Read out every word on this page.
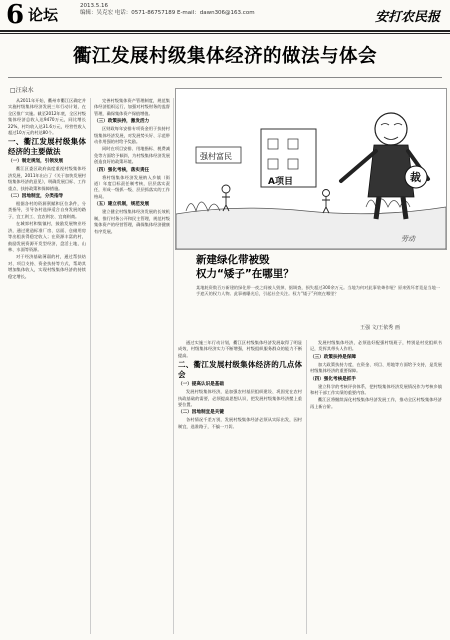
6 论坛	2013.5.16
编辑：吴克宏 电话：0571-86757189 E-mail：dawn306@163.com	安打农民报
衢江发展村级集体经济的做法与体会
□汪泉水
A项目	裁
强村富民
劳动
新建绿化带被毁
权力“矮子”在哪里？
某地耗资数百万新建的绿化带一夜之间被人毁掉，据调查，损失超过300余万元。当地为何对此事装聋作哑？原来毁坏者竟是当地一手遮天的权力人物。此事被曝光后，引起社会关注。权力“矮子”到底在哪里？
王强 文/王依秀 画

从2011年开始，衢州市衢江区确定并实施村级集体经济发展三年行动计划，在全区推广实施。截至2012年底，全区村级集体经济总收入达9470万元，同比增长22%，村均收入达31.6万元，经营性收入超过10万元的村达80个。

一、衢江发展村级集体经济的主要做法

（一）制定规划，引领发展

衢江区委区政府高度重视村级集体经济发展，2011年出台了《关于加快发展村级集体经济的意见》，明确发展目标、工作重点、扶持政策和保障措施。

（二）因地制宜，分类指导

根据各村的资源禀赋和区位条件，分类指导，引导各村选择适合自身发展的路子，宜工则工、宜农则农、宜商则商。

在城郊村和集镇村，鼓励发展物业经济，通过建造标准厂房、店面、仓储用房等出租获得稳定收入；在资源丰富的村，鼓励发展资源开发型经济，盘活土地、山林、水面等资源。

对于经济基础薄弱的村，通过帮扶结对、项目支持、资金扶持等方式，帮助其增加集体收入，实现村级集体经济的持续稳定增长。

完善村级集体资产管理制度，规范集体经济组织运行，加强对村级财务的监督管理，确保集体资产保值增值。

（三）政策扶持，激发活力

区财政每年安排专项资金用于扶持村级集体经济发展，对发展势头好、示范带动作用强的村给予奖励。

同时在项目安排、用地指标、税费减免等方面给予倾斜，为村级集体经济发展创造良好的政策环境。

（四）强化考核，落实责任

将村级集体经济发展纳入乡镇（街道）年度目标责任制考核，层层落实责任，形成一级抓一级、层层抓落实的工作格局。

（五）建立机制，规范发展

建立健全村级集体经济发展的长效机制，推行村务公开和民主管理，规范村级集体资产的经营管理，确保集体经济健康有序发展。

通过实施三年行动计划，衢江区村级集体经济发展取得了明显成效，村级集体经济实力不断增强，村级组织服务群众的能力不断提高。

二、衢江发展村级集体经济的几点体会

（一）提高认识是基础

发展村级集体经济，是加强农村基层组织建设、巩固党在农村执政基础的需要，必须提高思想认识，把发展村级集体经济摆上重要位置。

（二）因地制宜是关键

各村情况千差万别，发展村级集体经济必须从实际出发，因村制宜，选准路子，不搞一刀切。

发展村级集体经济，必须选好配强村级班子，特别是村党组织书记，发挥其带头人作用。

（三）政策扶持是保障

加大政策扶持力度，在资金、项目、用地等方面给予支持，是发展村级集体经济的重要保障。

（四）强化考核是抓手

建立科学的考核评价体系，把村级集体经济发展情况作为考核乡镇和村干部工作实绩的重要内容。

衢江区将继续深化村级集体经济发展工作，推动全区村级集体经济再上新台阶。
